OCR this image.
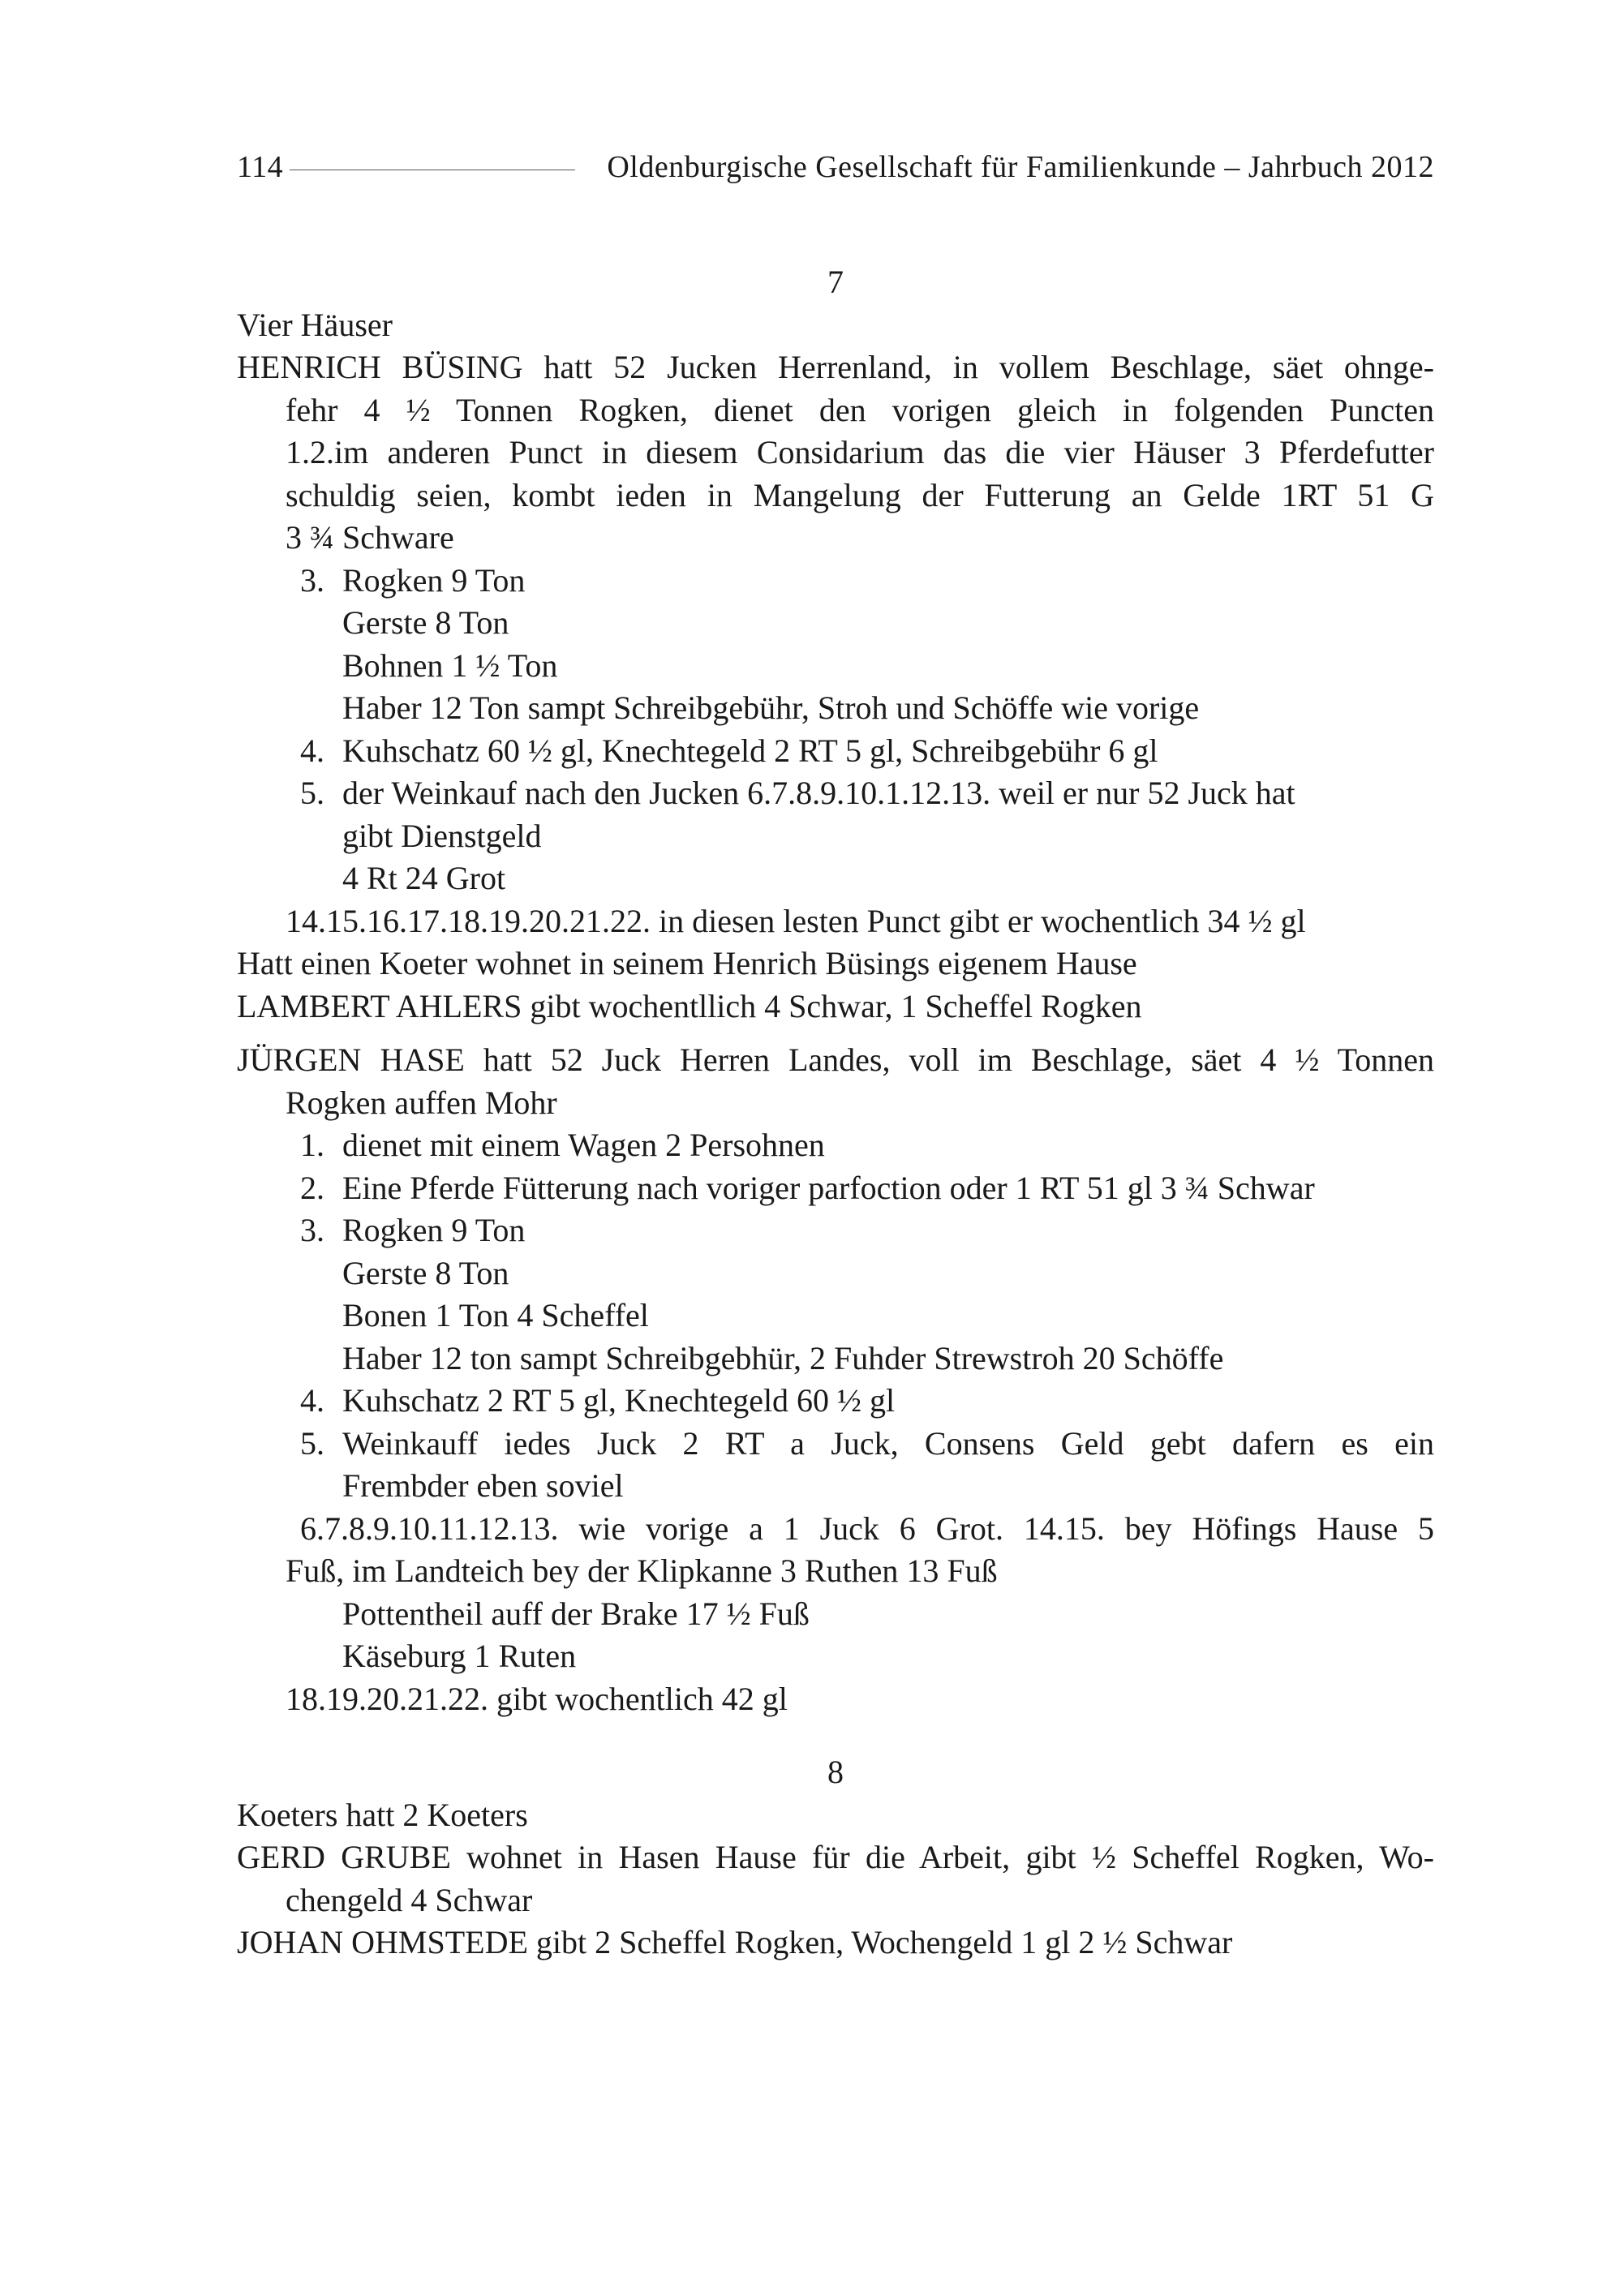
114	Oldenburgische Gesellschaft für Familienkunde – Jahrbuch 2012
7
Vier Häuser
HENRICH BÜSING hatt 52 Jucken Herrenland, in vollem Beschlage, säet ohnge-
fehr 4 ½ Tonnen Rogken, dienet den vorigen gleich in folgenden Puncten
1.2.im anderen Punct in diesem Considarium das die vier Häuser 3 Pferdefutter
schuldig seien, kombt ieden in Mangelung der Futterung an Gelde 1RT 51 G
3 ¾ Schware
3. Rogken 9 Ton
Gerste 8 Ton
Bohnen 1 ½ Ton
Haber 12 Ton sampt Schreibgebühr, Stroh und Schöffe wie vorige
4. Kuhschatz 60 ½ gl, Knechtegeld 2 RT 5 gl, Schreibgebühr 6 gl
5. der Weinkauf nach den Jucken 6.7.8.9.10.1.12.13. weil er nur 52 Juck hat
gibt Dienstgeld
4 Rt 24 Grot
14.15.16.17.18.19.20.21.22. in diesen lesten Punct gibt er wochentlich 34 ½ gl
Hatt einen Koeter wohnet in seinem Henrich Büsings eigenem Hause
LAMBERT AHLERS gibt wochentllich 4 Schwar, 1 Scheffel Rogken
JÜRGEN HASE hatt 52 Juck Herren Landes, voll im Beschlage, säet 4 ½ Tonnen
Rogken auffen Mohr
1. dienet mit einem Wagen 2 Persohnen
2. Eine Pferde Fütterung nach voriger parfoction oder 1 RT 51 gl 3 ¾ Schwar
3. Rogken 9 Ton
Gerste 8 Ton
Bonen 1 Ton 4 Scheffel
Haber 12 ton sampt Schreibgebhür, 2 Fuhder Strewstroh 20 Schöffe
4. Kuhschatz 2 RT 5 gl, Knechtegeld 60 ½ gl
5. Weinkauff iedes Juck 2 RT a Juck, Consens Geld gebt dafern es ein
Frembder eben soviel
6.7.8.9.10.11.12.13. wie vorige a 1 Juck 6 Grot. 14.15. bey Höfings Hause 5
Fuß, im Landteich bey der Klipkanne 3 Ruthen 13 Fuß
Pottentheil auff der Brake 17 ½ Fuß
Käseburg 1 Ruten
18.19.20.21.22. gibt wochentlich 42 gl
8
Koeters hatt 2 Koeters
GERD GRUBE wohnet in Hasen Hause für die Arbeit, gibt ½ Scheffel Rogken, Wo-
chengeld 4 Schwar
JOHAN OHMSTEDE gibt 2 Scheffel Rogken, Wochengeld 1 gl 2 ½ Schwar
